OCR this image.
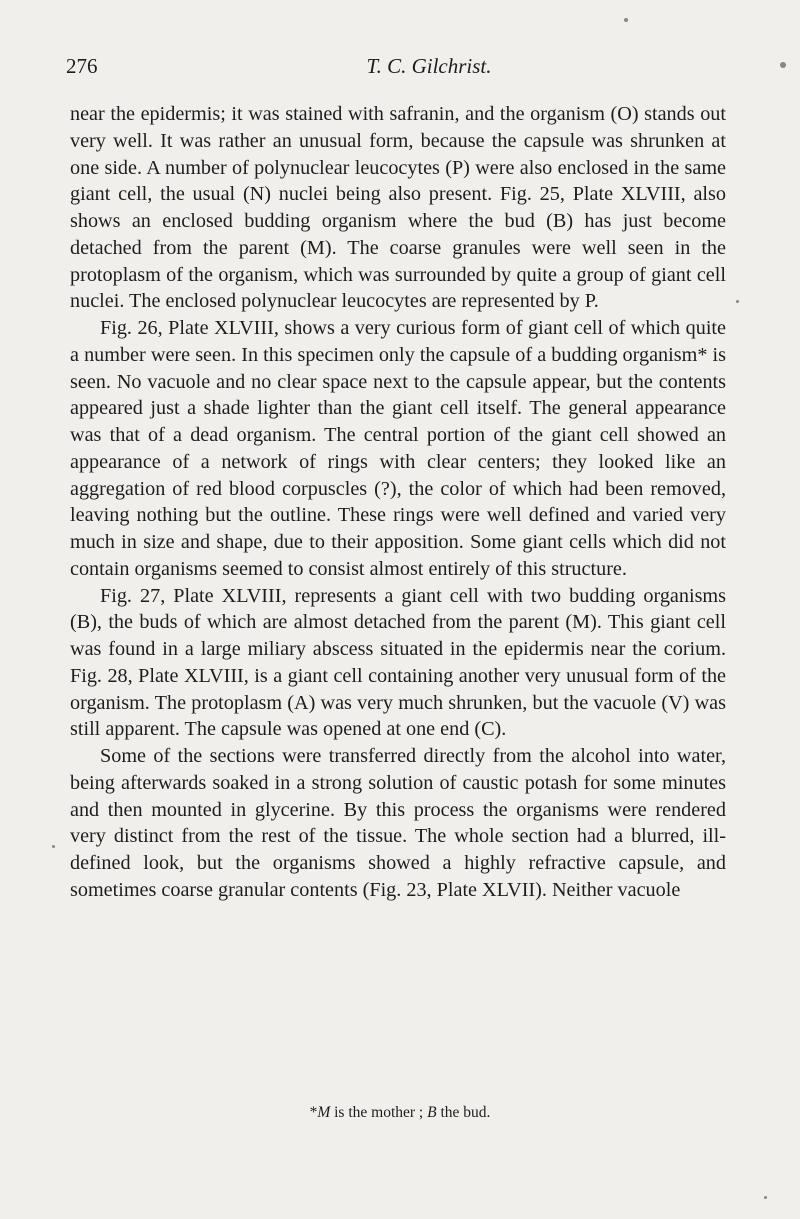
276	T. C. Gilchrist.

near the epidermis; it was stained with safranin, and the organism (O) stands out very well. It was rather an unusual form, because the capsule was shrunken at one side. A number of polynuclear leucocytes (P) were also enclosed in the same giant cell, the usual (N) nuclei being also present. Fig. 25, Plate XLVIII, also shows an enclosed budding organism where the bud (B) has just become detached from the parent (M). The coarse granules were well seen in the protoplasm of the organism, which was surrounded by quite a group of giant cell nuclei. The enclosed polynuclear leucocytes are represented by P.

Fig. 26, Plate XLVIII, shows a very curious form of giant cell of which quite a number were seen. In this specimen only the capsule of a budding organism* is seen. No vacuole and no clear space next to the capsule appear, but the contents appeared just a shade lighter than the giant cell itself. The general appearance was that of a dead organism. The central portion of the giant cell showed an appearance of a network of rings with clear centers; they looked like an aggregation of red blood corpuscles (?), the color of which had been removed, leaving nothing but the outline. These rings were well defined and varied very much in size and shape, due to their apposition. Some giant cells which did not contain organisms seemed to consist almost entirely of this structure.

Fig. 27, Plate XLVIII, represents a giant cell with two budding organisms (B), the buds of which are almost detached from the parent (M). This giant cell was found in a large miliary abscess situated in the epidermis near the corium. Fig. 28, Plate XLVIII, is a giant cell containing another very unusual form of the organism. The protoplasm (A) was very much shrunken, but the vacuole (V) was still apparent. The capsule was opened at one end (C).

Some of the sections were transferred directly from the alcohol into water, being afterwards soaked in a strong solution of caustic potash for some minutes and then mounted in glycerine. By this process the organisms were rendered very distinct from the rest of the tissue. The whole section had a blurred, ill-defined look, but the organisms showed a highly refractive capsule, and sometimes coarse granular contents (Fig. 23, Plate XLVII). Neither vacuole

*M is the mother ; B the bud.
